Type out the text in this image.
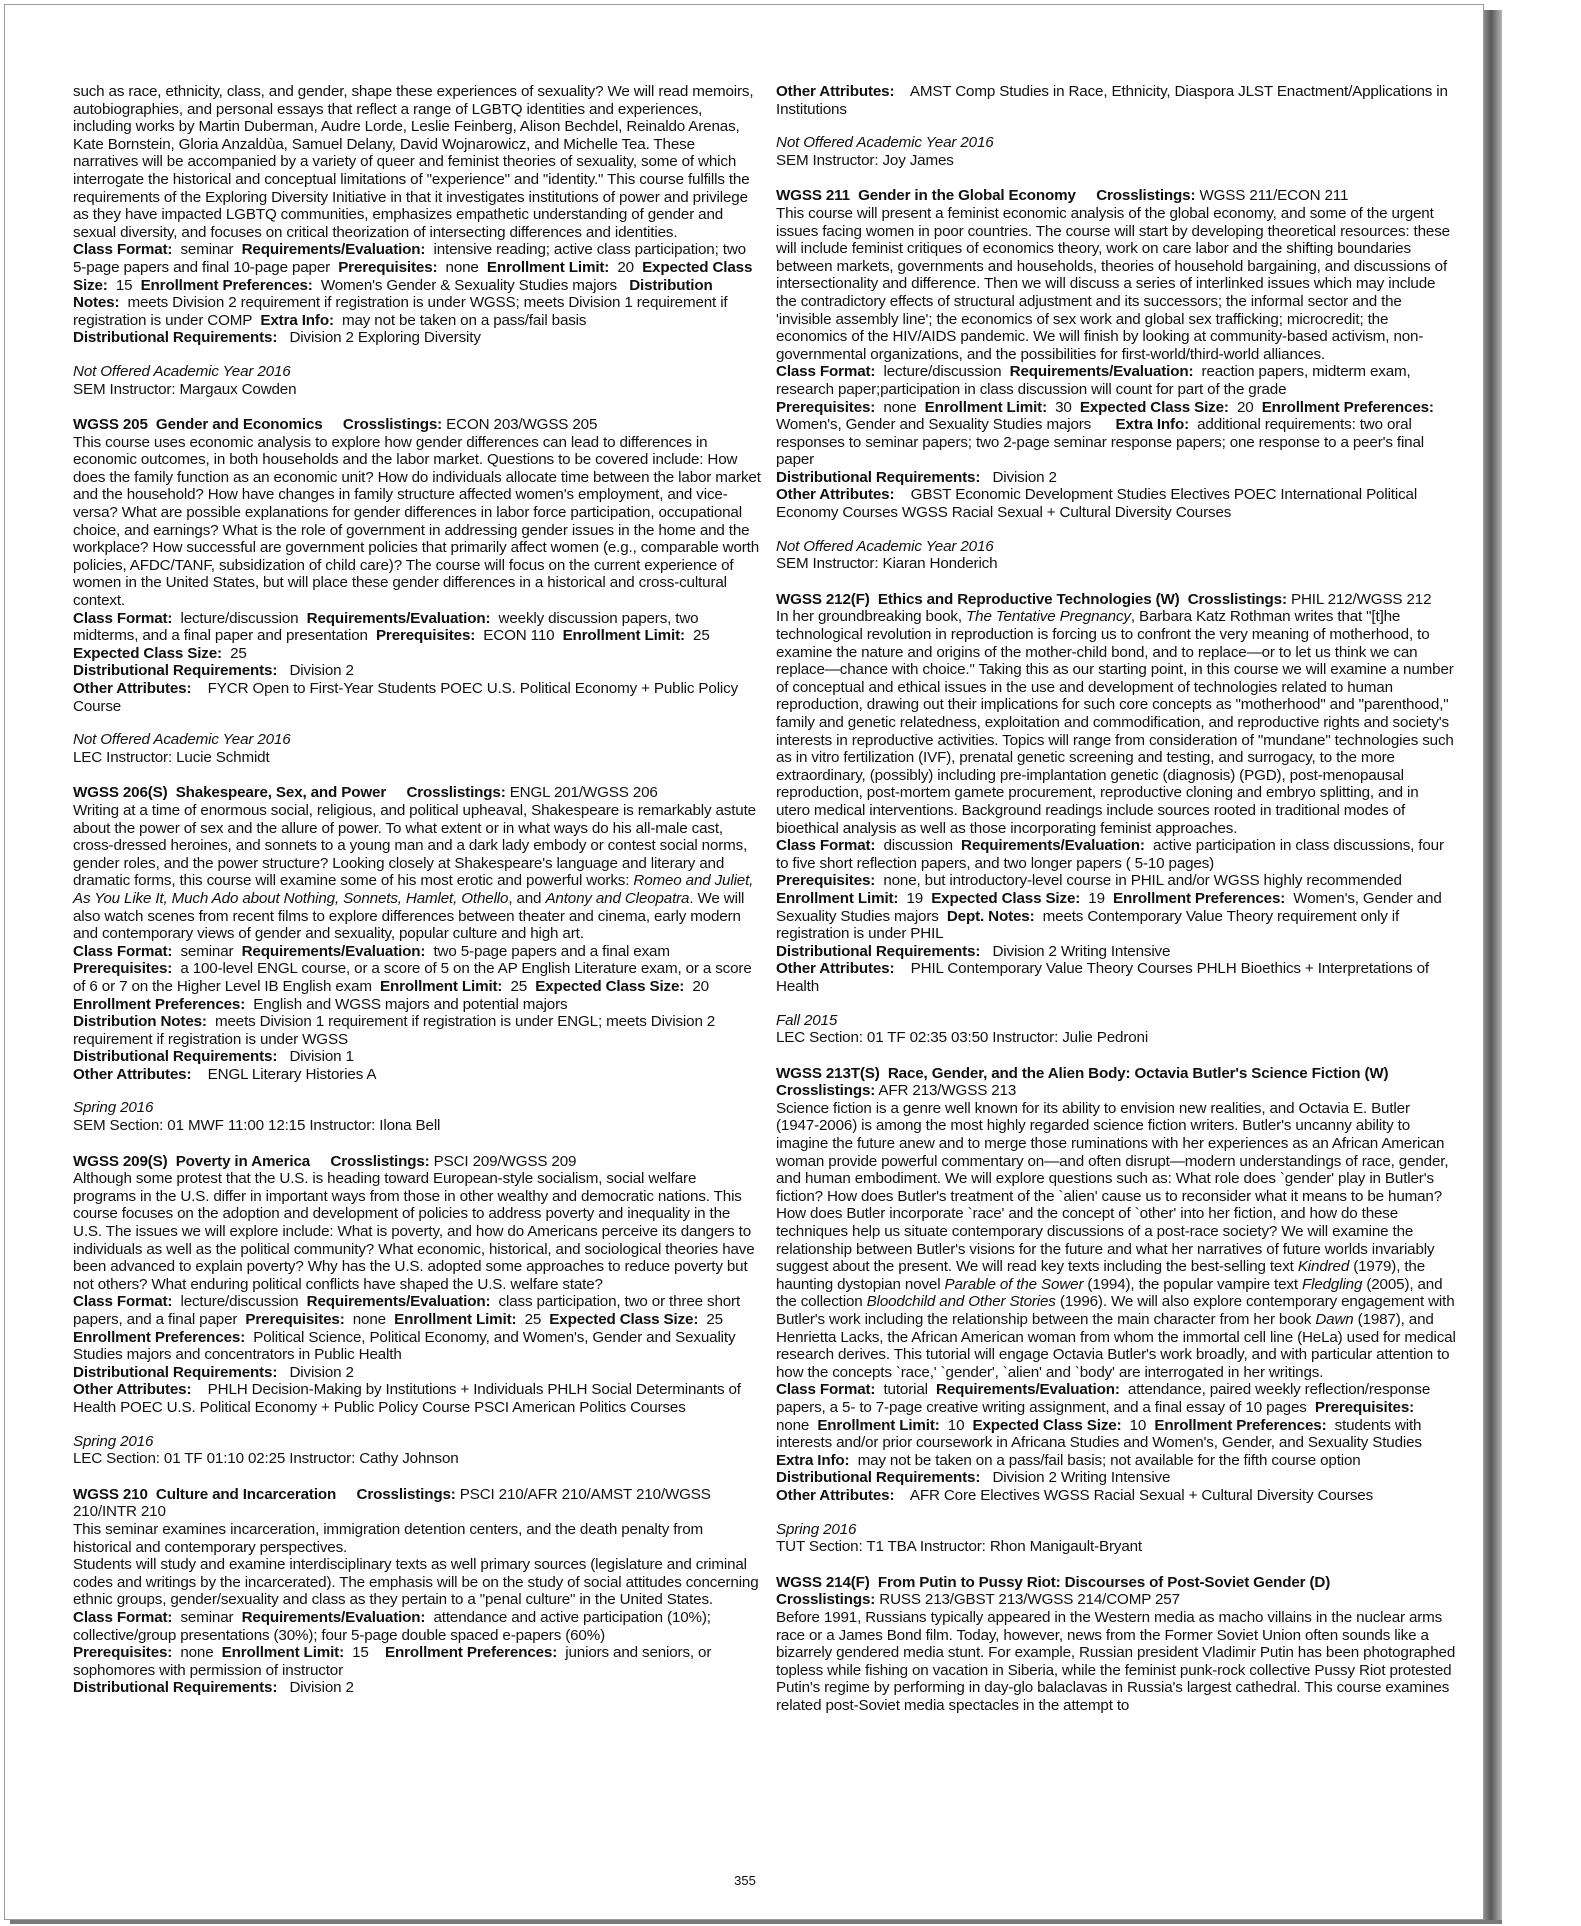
such as race, ethnicity, class, and gender, shape these experiences of sexuality? We will read memoirs, autobiographies, and personal essays that reflect a range of LGBTQ identities and experiences, including works by Martin Duberman, Audre Lorde, Leslie Feinberg, Alison Bechdel, Reinaldo Arenas, Kate Bornstein, Gloria Anzaldùa, Samuel Delany, David Wojnarowicz, and Michelle Tea. These narratives will be accompanied by a variety of queer and feminist theories of sexuality, some of which interrogate the historical and conceptual limitations of "experience" and "identity." This course fulfills the requirements of the Exploring Diversity Initiative in that it investigates institutions of power and privilege as they have impacted LGBTQ communities, emphasizes empathetic understanding of gender and sexual diversity, and focuses on critical theorization of intersecting differences and identities.
Class Format: seminar Requirements/Evaluation: intensive reading; active class participation; two 5-page papers and final 10-page paper Prerequisites: none Enrollment Limit: 20 Expected Class Size: 15 Enrollment Preferences: Women's Gender & Sexuality Studies majors Distribution Notes: meets Division 2 requirement if registration is under WGSS; meets Division 1 requirement if registration is under COMP Extra Info: may not be taken on a pass/fail basis
Distributional Requirements: Division 2 Exploring Diversity

Not Offered Academic Year 2016
SEM Instructor: Margaux Cowden

WGSS 205 Gender and Economics Crosslistings: ECON 203/WGSS 205

This course uses economic analysis to explore how gender differences can lead to differences in economic outcomes, in both households and the labor market. Questions to be covered include: How does the family function as an economic unit? How do individuals allocate time between the labor market and the household? How have changes in family structure affected women's employment, and vice-versa? What are possible explanations for gender differences in labor force participation, occupational choice, and earnings? What is the role of government in addressing gender issues in the home and the workplace? How successful are government policies that primarily affect women (e.g., comparable worth policies, AFDC/TANF, subsidization of child care)? The course will focus on the current experience of women in the United States, but will place these gender differences in a historical and cross-cultural context.
Class Format: lecture/discussion Requirements/Evaluation: weekly discussion papers, two midterms, and a final paper and presentation Prerequisites: ECON 110 Enrollment Limit: 25  Expected Class Size: 25
Distributional Requirements: Division 2
Other Attributes: FYCR Open to First-Year Students POEC U.S. Political Economy + Public Policy Course

Not Offered Academic Year 2016
LEC Instructor: Lucie Schmidt

WGSS 206(S) Shakespeare, Sex, and Power Crosslistings: ENGL 201/WGSS 206

Writing at a time of enormous social, religious, and political upheaval, Shakespeare is remarkably astute about the power of sex and the allure of power. To what extent or in what ways do his all-male cast, cross-dressed heroines, and sonnets to a young man and a dark lady embody or contest social norms, gender roles, and the power structure? Looking closely at Shakespeare's language and literary and dramatic forms, this course will examine some of his most erotic and powerful works: Romeo and Juliet, As You Like It, Much Ado about Nothing, Sonnets, Hamlet, Othello, and Antony and Cleopatra. We will also watch scenes from recent films to explore differences between theater and cinema, early modern and contemporary views of gender and sexuality, popular culture and high art.
Class Format: seminar Requirements/Evaluation: two 5-page papers and a final exam
Prerequisites: a 100-level ENGL course, or a score of 5 on the AP English Literature exam, or a score of 6 or 7 on the Higher Level IB English exam Enrollment Limit: 25 Expected Class Size: 20  Enrollment Preferences: English and WGSS majors and potential majors
Distribution Notes: meets Division 1 requirement if registration is under ENGL; meets Division 2 requirement if registration is under WGSS
Distributional Requirements: Division 1
Other Attributes: ENGL Literary Histories A

Spring 2016
SEM Section: 01 MWF 11:00 12:15 Instructor: Ilona Bell

WGSS 209(S) Poverty in America Crosslistings: PSCI 209/WGSS 209

Although some protest that the U.S. is heading toward European-style socialism, social welfare programs in the U.S. differ in important ways from those in other wealthy and democratic nations. This course focuses on the adoption and development of policies to address poverty and inequality in the U.S. The issues we will explore include: What is poverty, and how do Americans perceive its dangers to individuals as well as the political community? What economic, historical, and sociological theories have been advanced to explain poverty? Why has the U.S. adopted some approaches to reduce poverty but not others? What enduring political conflicts have shaped the U.S. welfare state?
Class Format: lecture/discussion Requirements/Evaluation: class participation, two or three short papers, and a final paper Prerequisites: none Enrollment Limit: 25 Expected Class Size: 25  Enrollment Preferences: Political Science, Political Economy, and Women's, Gender and Sexuality Studies majors and concentrators in Public Health
Distributional Requirements: Division 2
Other Attributes: PHLH Decision-Making by Institutions + Individuals PHLH Social Determinants of Health POEC U.S. Political Economy + Public Policy Course PSCI American Politics Courses

Spring 2016
LEC Section: 01 TF 01:10 02:25 Instructor: Cathy Johnson

WGSS 210 Culture and Incarceration Crosslistings: PSCI 210/AFR 210/AMST 210/WGSS 210/INTR 210

This seminar examines incarceration, immigration detention centers, and the death penalty from historical and contemporary perspectives.
Students will study and examine interdisciplinary texts as well primary sources (legislature and criminal codes and writings by the incarcerated). The emphasis will be on the study of social attitudes concerning ethnic groups, gender/sexuality and class as they pertain to a "penal culture" in the United States.
Class Format: seminar Requirements/Evaluation: attendance and active participation (10%); collective/group presentations (30%); four 5-page double spaced e-papers (60%)
Prerequisites: none Enrollment Limit: 15 Enrollment Preferences: juniors and seniors, or sophomores with permission of instructor
Distributional Requirements: Division 2

Other Attributes: AMST Comp Studies in Race, Ethnicity, Diaspora JLST Enactment/Applications in Institutions

Not Offered Academic Year 2016
SEM Instructor: Joy James

WGSS 211 Gender in the Global Economy Crosslistings: WGSS 211/ECON 211

This course will present a feminist economic analysis of the global economy, and some of the urgent issues facing women in poor countries. The course will start by developing theoretical resources: these will include feminist critiques of economics theory, work on care labor and the shifting boundaries between markets, governments and households, theories of household bargaining, and discussions of intersectionality and difference. Then we will discuss a series of interlinked issues which may include the contradictory effects of structural adjustment and its successors; the informal sector and the 'invisible assembly line'; the economics of sex work and global sex trafficking; microcredit; the economics of the HIV/AIDS pandemic. We will finish by looking at community-based activism, non-governmental organizations, and the possibilities for first-world/third-world alliances.
Class Format: lecture/discussion Requirements/Evaluation: reaction papers, midterm exam, research paper;participation in class discussion will count for part of the grade
Prerequisites: none Enrollment Limit: 30 Expected Class Size: 20 Enrollment Preferences:  Women's, Gender and Sexuality Studies majors Extra Info: additional requirements: two oral responses to seminar papers; two 2-page seminar response papers; one response to a peer's final paper
Distributional Requirements: Division 2
Other Attributes: GBST Economic Development Studies Electives POEC International Political Economy Courses WGSS Racial Sexual + Cultural Diversity Courses

Not Offered Academic Year 2016
SEM Instructor: Kiaran Honderich

WGSS 212(F) Ethics and Reproductive Technologies (W) Crosslistings: PHIL 212/WGSS 212

In her groundbreaking book, The Tentative Pregnancy, Barbara Katz Rothman writes that "[t]he technological revolution in reproduction is forcing us to confront the very meaning of motherhood, to examine the nature and origins of the mother-child bond, and to replace—or to let us think we can replace—chance with choice." Taking this as our starting point, in this course we will examine a number of conceptual and ethical issues in the use and development of technologies related to human reproduction, drawing out their implications for such core concepts as "motherhood" and "parenthood," family and genetic relatedness, exploitation and commodification, and reproductive rights and society's interests in reproductive activities. Topics will range from consideration of "mundane" technologies such as in vitro fertilization (IVF), prenatal genetic screening and testing, and surrogacy, to the more extraordinary, (possibly) including pre-implantation genetic (diagnosis) (PGD), post-menopausal reproduction, post-mortem gamete procurement, reproductive cloning and embryo splitting, and in utero medical interventions. Background readings include sources rooted in traditional modes of bioethical analysis as well as those incorporating feminist approaches.
Class Format: discussion Requirements/Evaluation: active participation in class discussions, four to five short reflection papers, and two longer papers ( 5-10 pages)
Prerequisites: none, but introductory-level course in PHIL and/or WGSS highly recommended
Enrollment Limit: 19 Expected Class Size: 19 Enrollment Preferences: Women's, Gender and Sexuality Studies majors Dept. Notes: meets Contemporary Value Theory requirement only if registration is under PHIL
Distributional Requirements: Division 2 Writing Intensive
Other Attributes: PHIL Contemporary Value Theory Courses PHLH Bioethics + Interpretations of Health

Fall 2015
LEC Section: 01 TF 02:35 03:50 Instructor: Julie Pedroni

WGSS 213T(S) Race, Gender, and the Alien Body: Octavia Butler's Science Fiction (W)
Crosslistings: AFR 213/WGSS 213

Science fiction is a genre well known for its ability to envision new realities, and Octavia E. Butler (1947-2006) is among the most highly regarded science fiction writers. Butler's uncanny ability to imagine the future anew and to merge those ruminations with her experiences as an African American woman provide powerful commentary on—and often disrupt—modern understandings of race, gender, and human embodiment. We will explore questions such as: What role does `gender' play in Butler's fiction? How does Butler's treatment of the `alien' cause us to reconsider what it means to be human? How does Butler incorporate `race' and the concept of `other' into her fiction, and how do these techniques help us situate contemporary discussions of a post-race society? We will examine the relationship between Butler's visions for the future and what her narratives of future worlds invariably suggest about the present. We will read key texts including the best-selling text Kindred (1979), the haunting dystopian novel Parable of the Sower (1994), the popular vampire text Fledgling (2005), and the collection Bloodchild and Other Stories (1996). We will also explore contemporary engagement with Butler's work including the relationship between the main character from her book Dawn (1987), and Henrietta Lacks, the African American woman from whom the immortal cell line (HeLa) used for medical research derives. This tutorial will engage Octavia Butler's work broadly, and with particular attention to how the concepts `race,' `gender', `alien' and `body' are interrogated in her writings.
Class Format: tutorial Requirements/Evaluation: attendance, paired weekly reflection/response papers, a 5- to 7-page creative writing assignment, and a final essay of 10 pages Prerequisites:  none Enrollment Limit: 10 Expected Class Size: 10 Enrollment Preferences: students with interests and/or prior coursework in Africana Studies and Women's, Gender, and Sexuality Studies      Extra Info: may not be taken on a pass/fail basis; not available for the fifth course option
Distributional Requirements: Division 2 Writing Intensive
Other Attributes: AFR Core Electives WGSS Racial Sexual + Cultural Diversity Courses

Spring 2016
TUT Section: T1 TBA Instructor: Rhon Manigault-Bryant

WGSS 214(F) From Putin to Pussy Riot: Discourses of Post-Soviet Gender (D)
Crosslistings: RUSS 213/GBST 213/WGSS 214/COMP 257

Before 1991, Russians typically appeared in the Western media as macho villains in the nuclear arms race or a James Bond film. Today, however, news from the Former Soviet Union often sounds like a bizarrely gendered media stunt. For example, Russian president Vladimir Putin has been photographed topless while fishing on vacation in Siberia, while the feminist punk-rock collective Pussy Riot protested Putin's regime by performing in day-glo balaclavas in Russia's largest cathedral. This course examines related post-Soviet media spectacles in the attempt to

355
